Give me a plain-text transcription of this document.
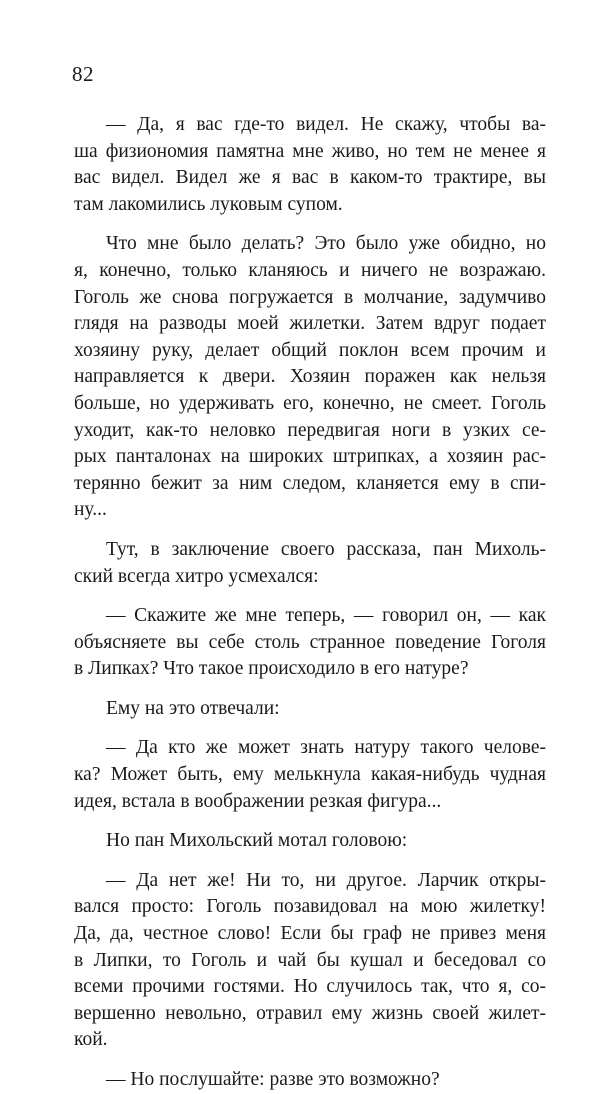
82
— Да, я вас где-то видел. Не скажу, чтобы ва-
ша физиономия памятна мне живо, но тем не менее я
вас видел. Видел же я вас в каком-то трактире, вы
там лакомились луковым супом.
Что мне было делать? Это было уже обидно, но
я, конечно, только кланяюсь и ничего не возражаю.
Гоголь же снова погружается в молчание, задумчиво
глядя на разводы моей жилетки. Затем вдруг подает
хозяину руку, делает общий поклон всем прочим и
направляется к двери. Хозяин поражен как нельзя
больше, но удерживать его, конечно, не смеет. Гоголь
уходит, как-то неловко передвигая ноги в узких се-
рых панталонах на широких штрипках, а хозяин рас-
терянно бежит за ним следом, кланяется ему в спи-
ну...
Тут, в заключение своего рассказа, пан Михоль-
ский всегда хитро усмехался:
— Скажите же мне теперь, — говорил он, — как
объясняете вы себе столь странное поведение Гоголя
в Липках? Что такое происходило в его натуре?
Ему на это отвечали:
— Да кто же может знать натуру такого челове-
ка? Может быть, ему мелькнула какая-нибудь чудная
идея, встала в воображении резкая фигура...
Но пан Михольский мотал головою:
— Да нет же! Ни то, ни другое. Ларчик откры-
вался просто: Гоголь позавидовал на мою жилетку!
Да, да, честное слово! Если бы граф не привез меня
в Липки, то Гоголь и чай бы кушал и беседовал со
всеми прочими гостями. Но случилось так, что я, со-
вершенно невольно, отравил ему жизнь своей жилет-
кой.
— Но послушайте: разве это возможно?
